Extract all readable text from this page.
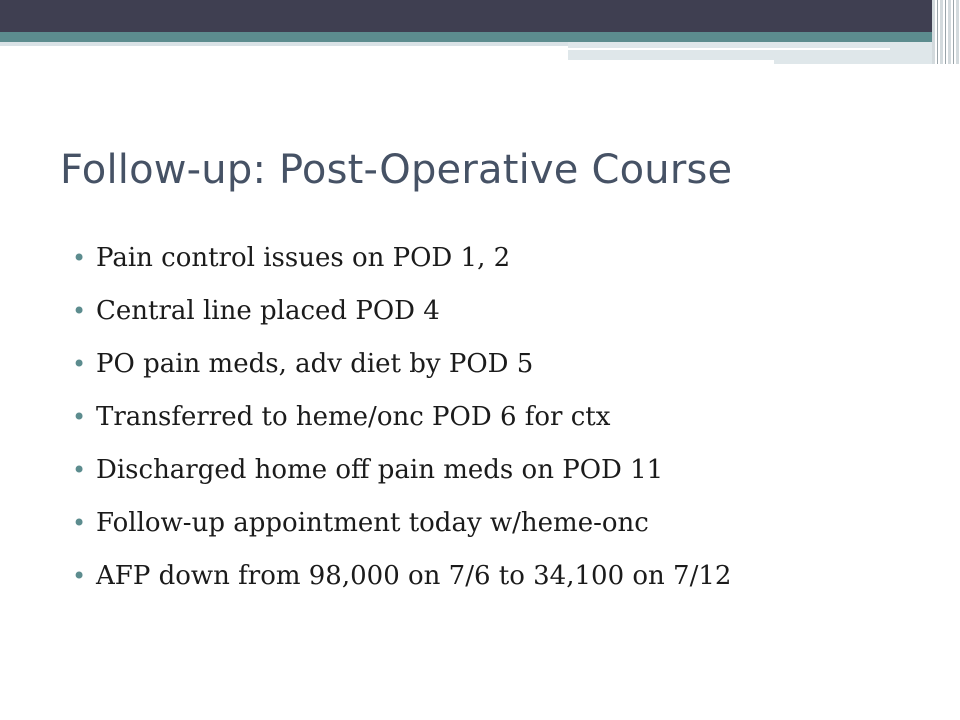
Follow-up: Post-Operative Course
• Pain control issues on POD 1, 2
• Central line placed POD 4
• PO pain meds, adv diet by POD 5
• Transferred to heme/onc POD 6 for ctx
• Discharged home off pain meds on POD 11
• Follow-up appointment today w/heme-onc
• AFP down from 98,000 on 7/6 to 34,100 on 7/12
